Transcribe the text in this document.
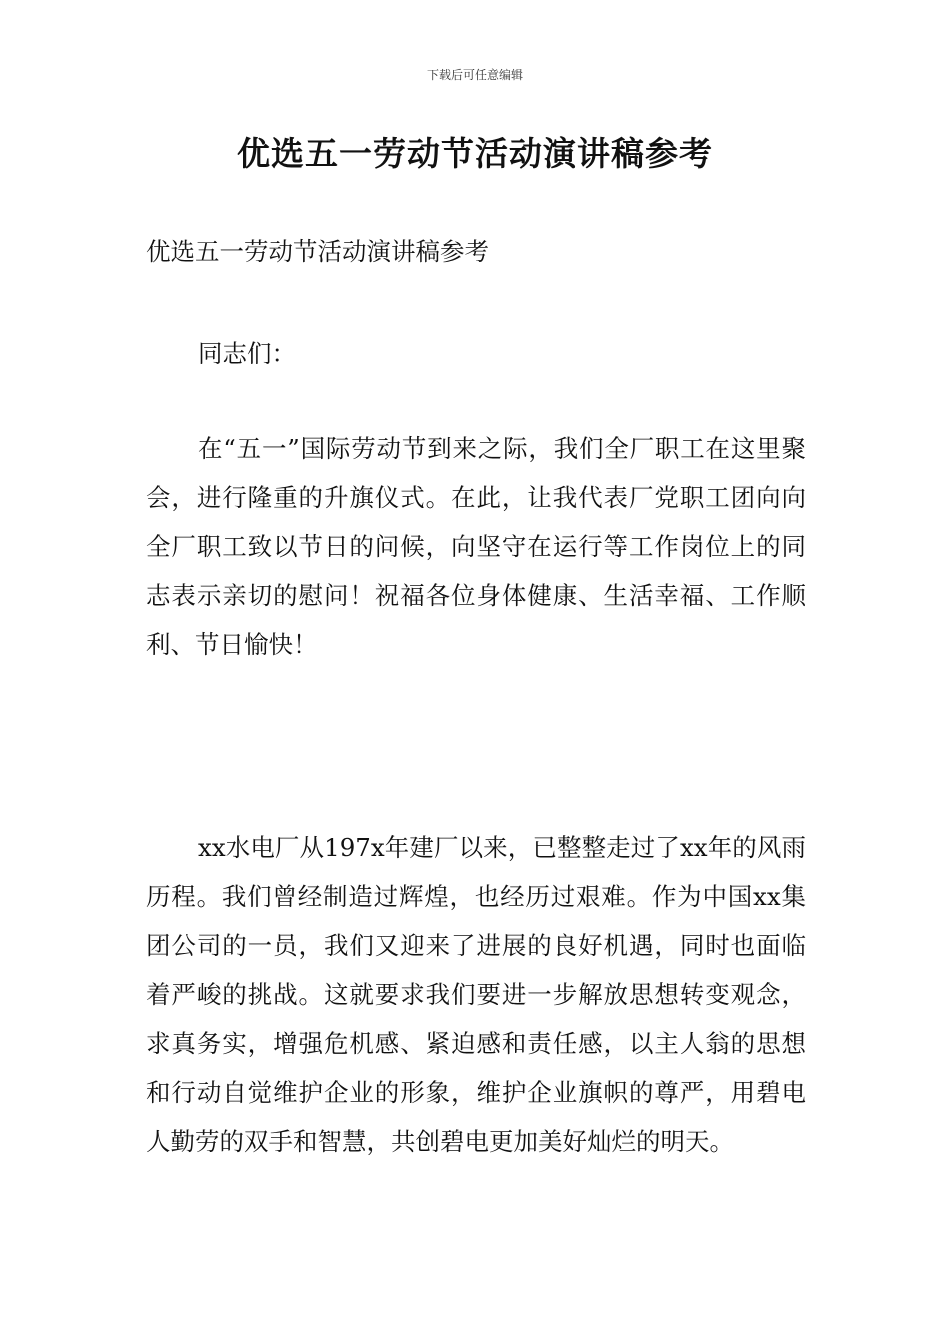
下载后可任意编辑
优选五一劳动节活动演讲稿参考

优选五一劳动节活动演讲稿参考

同志们：

在“五一”国际劳动节到来之际，我们全厂职工在这里聚会，进行隆重的升旗仪式。在此，让我代表厂党职工团向向全厂职工致以节日的问候，向坚守在运行等工作岗位上的同志表示亲切的慰问！祝福各位身体健康、生活幸福、工作顺利、节日愉快！

xx水电厂从197x年建厂以来，已整整走过了xx年的风雨历程。我们曾经制造过辉煌，也经历过艰难。作为中国xx集团公司的一员，我们又迎来了进展的良好机遇，同时也面临着严峻的挑战。这就要求我们要进一步解放思想转变观念，求真务实，增强危机感、紧迫感和责任感，以主人翁的思想和行动自觉维护企业的形象，维护企业旗帜的尊严，用碧电人勤劳的双手和智慧，共创碧电更加美好灿烂的明天。
